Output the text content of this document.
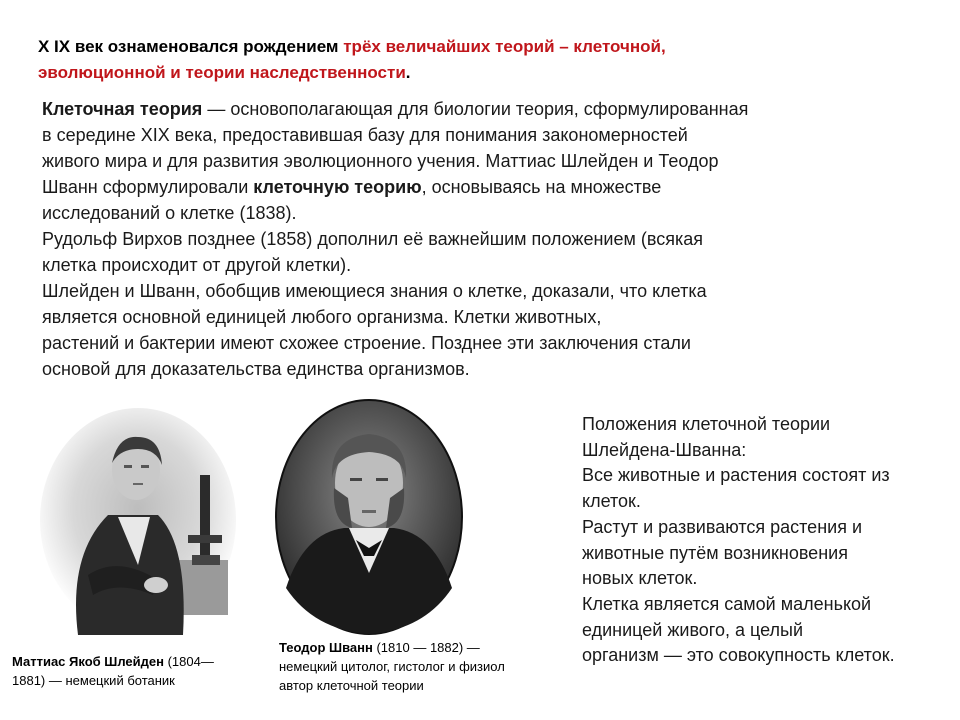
Х IX век ознаменовался рождением трёх величайших теорий – клеточной,
эволюционной и теории наследственности.
Клеточная теория — основополагающая для биологии теория, сформулированная
в середине XIX века, предоставившая базу для понимания закономерностей
живого мира и для развития эволюционного учения. Маттиас Шлейден и Теодор
Шванн сформулировали клеточную теорию, основываясь на множестве
исследований о клетке (1838).
Рудольф Вирхов позднее (1858) дополнил её важнейшим положением (всякая
клетка происходит от другой клетки).
Шлейден и Шванн, обобщив имеющиеся знания о клетке, доказали, что клетка
является основной единицей любого организма. Клетки животных,
растений и бактерии имеют схожее строение. Позднее эти заключения стали
основой для доказательства единства организмов.
Маттиас Якоб Шлейден (1804—
1881) — немецкий ботаник
Теодор Шванн (1810 — 1882) —
немецкий цитолог, гистолог и физиол
автор клеточной теории
Положения клеточной теории
Шлейдена-Шванна:
Все животные и растения состоят из
клеток.
Растут и развиваются растения и
животные путём возникновения
новых клеток.
Клетка является самой маленькой
единицей живого, а целый
организм — это совокупность клеток.
